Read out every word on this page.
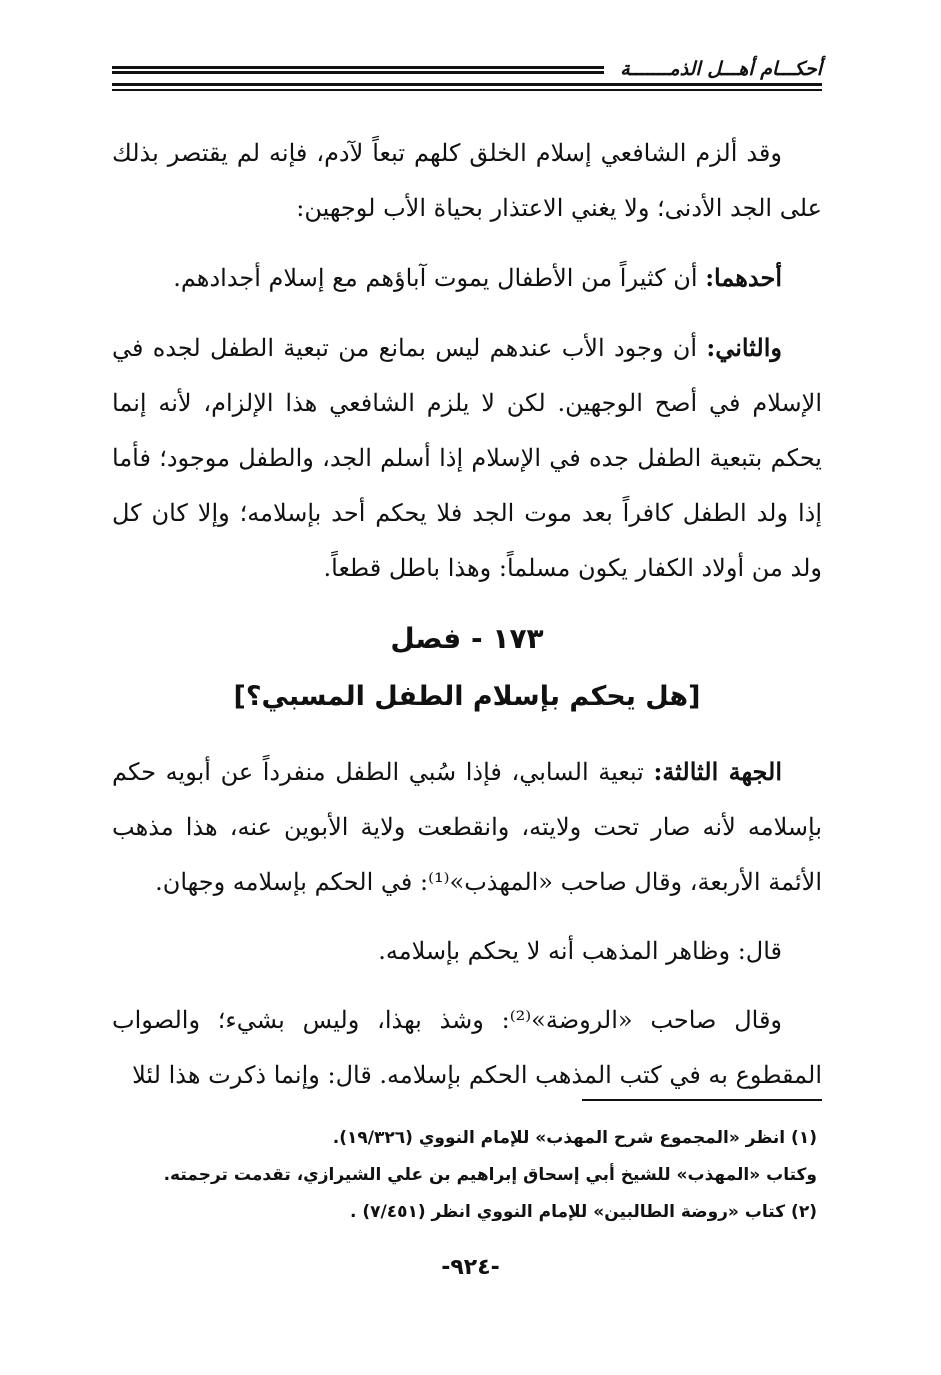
أحكـــام أهـــل الذمـــــــة

وقد ألزم الشافعي إسلام الخلق كلهم تبعاً لآدم، فإنه لم يقتصر بذلك على الجد الأدنى؛ ولا يغني الاعتذار بحياة الأب لوجهين:

أحدهما: أن كثيراً من الأطفال يموت آباؤهم مع إسلام أجدادهم.

والثاني: أن وجود الأب عندهم ليس بمانع من تبعية الطفل لجده في الإسلام في أصح الوجهين. لكن لا يلزم الشافعي هذا الإلزام، لأنه إنما يحكم بتبعية الطفل جده في الإسلام إذا أسلم الجد، والطفل موجود؛ فأما إذا ولد الطفل كافراً بعد موت الجد فلا يحكم أحد بإسلامه؛ وإلا كان كل ولد من أولاد الكفار يكون مسلماً: وهذا باطل قطعاً.

١٧٣ - فصل
[هل يحكم بإسلام الطفل المسبي؟]

الجهة الثالثة: تبعية السابي، فإذا سُبي الطفل منفرداً عن أبويه حكم بإسلامه لأنه صار تحت ولايته، وانقطعت ولاية الأبوين عنه، هذا مذهب الأئمة الأربعة، وقال صاحب «المهذب»⁽¹⁾: في الحكم بإسلامه وجهان.

قال: وظاهر المذهب أنه لا يحكم بإسلامه.

وقال صاحب «الروضة»⁽²⁾: وشذ بهذا، وليس بشيء؛ والصواب المقطوع به في كتب المذهب الحكم بإسلامه. قال: وإنما ذكرت هذا لئلا

(١) انظر «المجموع شرح المهذب» للإمام النووي (١٩/٣٢٦).

وكتاب «المهذب» للشيخ أبي إسحاق إبراهيم بن علي الشيرازي، تقدمت ترجمته.

(٢) كتاب «روضة الطالبين» للإمام النووي انظر (٧/٤٥١) .

-٩٢٤-
